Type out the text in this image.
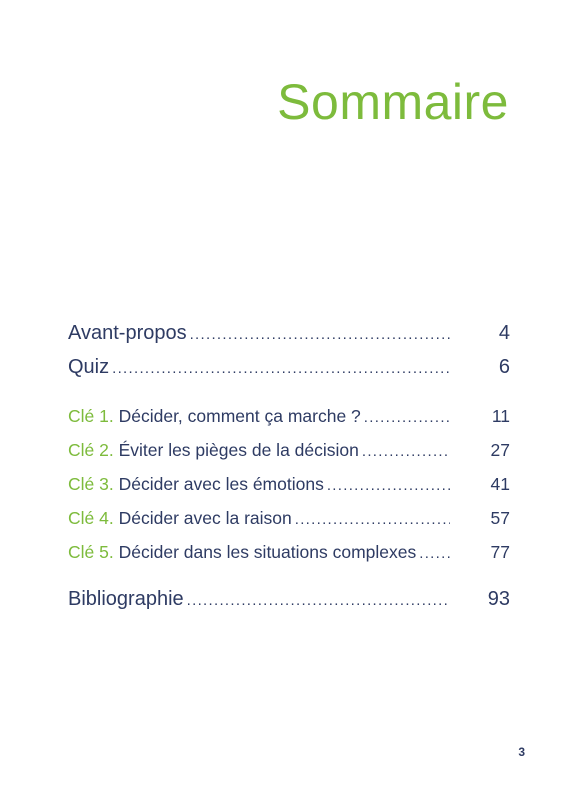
Sommaire
Avant-propos .....	4
Quiz .....	6
Clé 1. Décider, comment ça marche ? .....	11
Clé 2. Éviter les pièges de la décision .....	27
Clé 3. Décider avec les émotions .....	41
Clé 4. Décider avec la raison .....	57
Clé 5. Décider dans les situations complexes .....	77
Bibliographie .....	93
3
